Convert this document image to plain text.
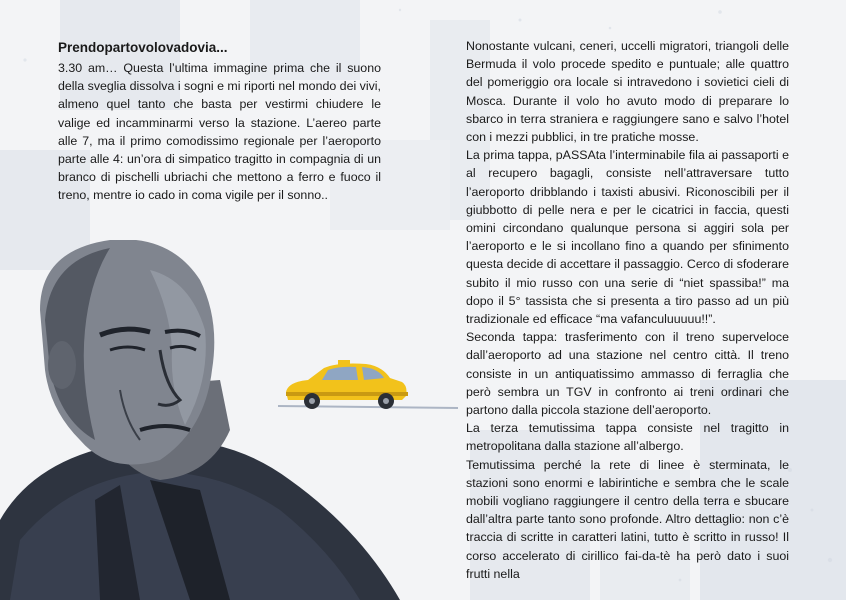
Prendopartovolovadovia...

3.30 am… Questa l’ultima immagine prima che il suono della sveglia dissolva i sogni e mi riporti nel mondo dei vivi, almeno quel tanto che basta per vestirmi chiudere le valige ed incamminarmi verso la stazione. L’aereo parte alle 7, ma il primo comodissimo regionale per l’aeroporto parte alle 4: un’ora di simpatico tragitto in compagnia di un branco di pischelli ubriachi che mettono a ferro e fuoco il treno, mentre io cado in coma vigile per il sonno..

Nonostante vulcani, ceneri, uccelli migratori, triangoli delle Bermuda il volo procede spedito e puntuale; alle quattro del pomeriggio ora locale si intravedono i sovietici cieli di Mosca. Durante il volo ho avuto modo di preparare lo sbarco in terra straniera e raggiungere sano e salvo l’hotel con i mezzi pubblici, in tre pratiche mosse.

La prima tappa, pASSAta l’interminabile fila ai passaporti e al recupero bagagli, consiste nell’attraversare tutto l’aeroporto dribblando i taxisti abusivi. Riconoscibili per il giubbotto di pelle nera e per le cicatrici in faccia, questi omini circondano qualunque persona si aggiri sola per l’aeroporto e le si incollano fino a quando per sfinimento questa decide di accettare il passaggio. Cerco di sfoderare subito il mio russo con una serie di “niet spassiba!” ma dopo il 5° tassista che si presenta a tiro passo ad un più tradizionale ed efficace “ma vafanculuuuuu!!”.

Seconda tappa: trasferimento con il treno superveloce dall’aeroporto ad una stazione nel centro città. Il treno consiste in un antiquatissimo ammasso di ferraglia che però sembra un TGV in confronto ai treni ordinari che partono dalla piccola stazione dell’aeroporto.

La terza temutissima tappa consiste nel tragitto in metropolitana dalla stazione all’albergo.

Temutissima perché la rete di linee è sterminata, le stazioni sono enormi e labirintiche e sembra che le scale mobili vogliano raggiungere il centro della terra e sbucare dall’altra parte tanto sono profonde. Altro dettaglio: non c’è traccia di scritte in caratteri latini, tutto è scritto in russo! Il corso accelerato di cirillico fai-da-tè ha però dato i suoi frutti nella
